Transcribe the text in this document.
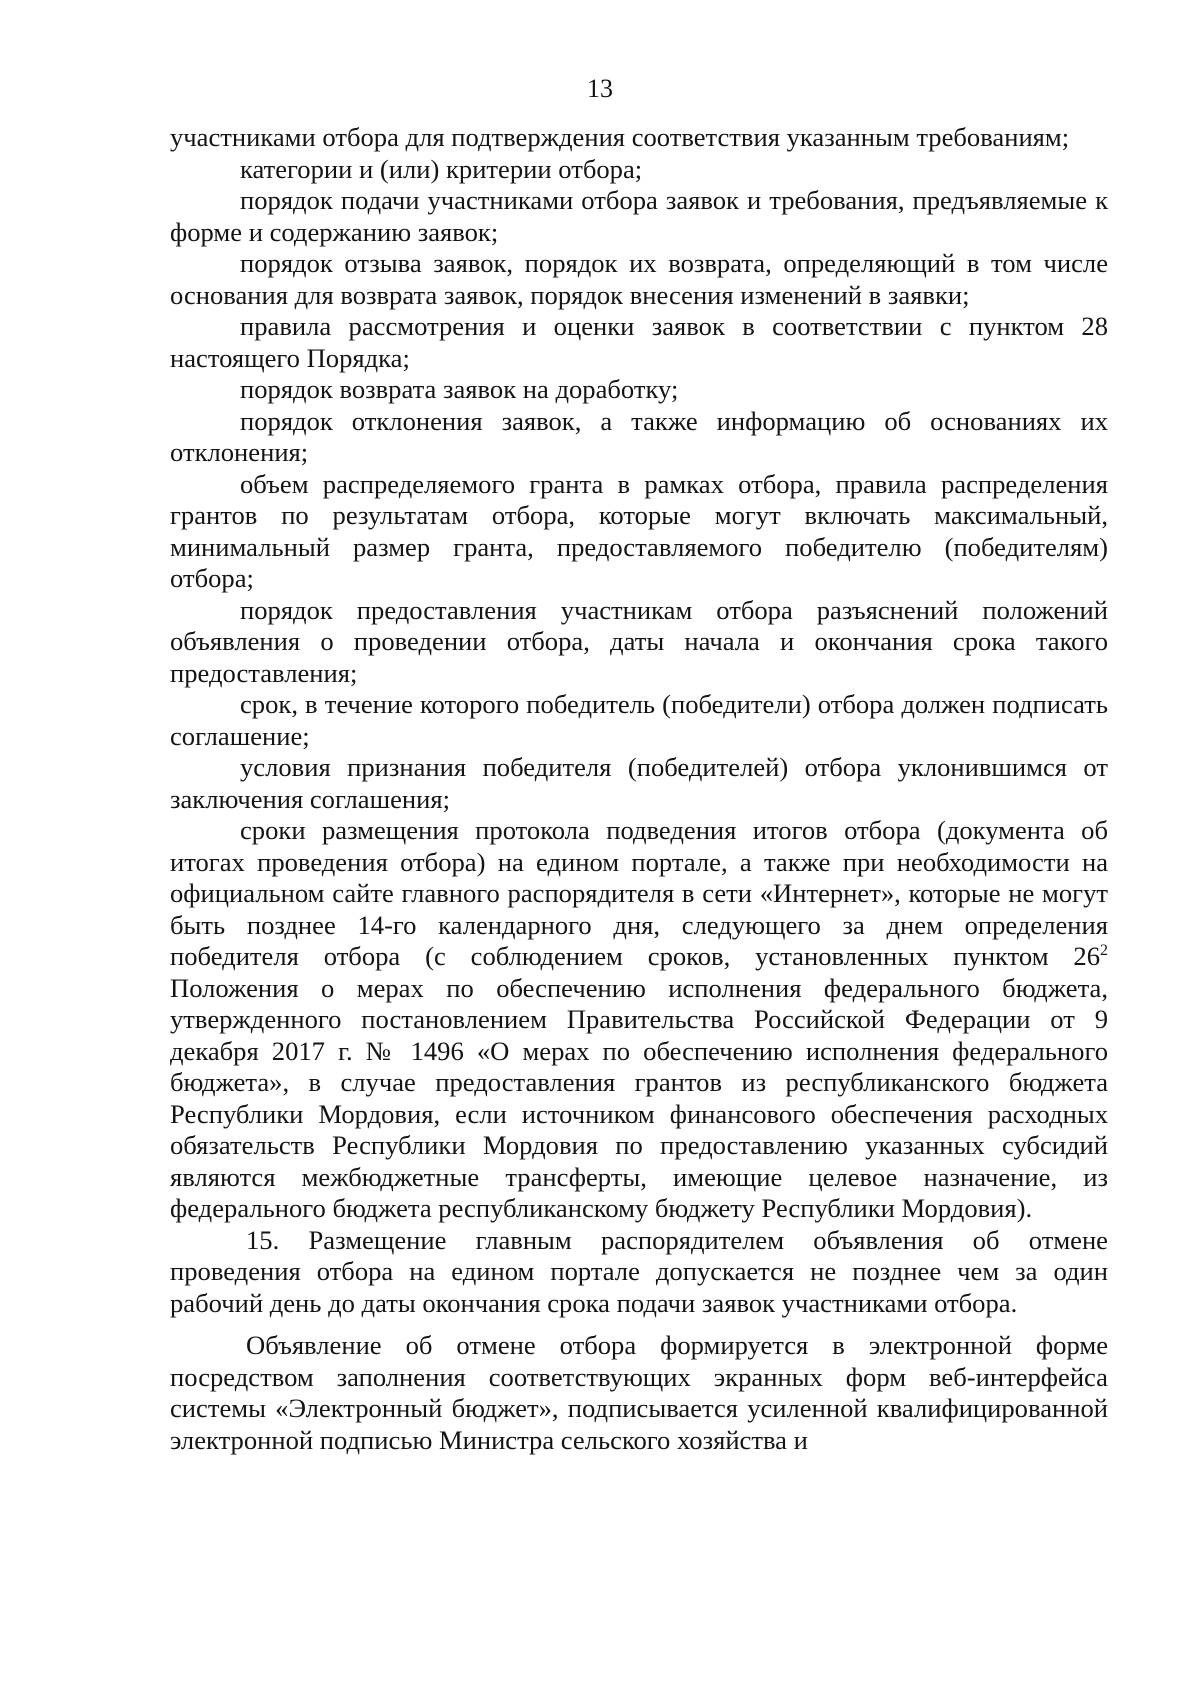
13

участниками отбора для подтверждения соответствия указанным требованиям;

категории и (или) критерии отбора;

порядок подачи участниками отбора заявок и требования, предъявляемые к форме и содержанию заявок;

порядок отзыва заявок, порядок их возврата, определяющий в том числе основания для возврата заявок, порядок внесения изменений в заявки;

правила рассмотрения и оценки заявок в соответствии с пунктом 28 настоящего Порядка;

порядок возврата заявок на доработку;

порядок отклонения заявок, а также информацию об основаниях их отклонения;

объем распределяемого гранта в рамках отбора, правила распределения грантов по результатам отбора, которые могут включать максимальный, минимальный размер гранта, предоставляемого победителю (победителям) отбора;

порядок предоставления участникам отбора разъяснений положений объявления о проведении отбора, даты начала и окончания срока такого предоставления;

срок, в течение которого победитель (победители) отбора должен подписать соглашение;

условия признания победителя (победителей) отбора уклонившимся от заключения соглашения;

сроки размещения протокола подведения итогов отбора (документа об итогах проведения отбора) на едином портале, а также при необходимости на официальном сайте главного распорядителя в сети «Интернет», которые не могут быть позднее 14-го календарного дня, следующего за днем определения победителя отбора (с соблюдением сроков, установленных пунктом $26^2$ Положения о мерах по обеспечению исполнения федерального бюджета, утвержденного постановлением Правительства Российской Федерации от 9 декабря 2017 г. № 1496 «О мерах по обеспечению исполнения федерального бюджета», в случае предоставления грантов из республиканского бюджета Республики Мордовия, если источником финансового обеспечения расходных обязательств Республики Мордовия по предоставлению указанных субсидий являются межбюджетные трансферты, имеющие целевое назначение, из федерального бюджета республиканскому бюджету Республики Мордовия).

15. Размещение главным распорядителем объявления об отмене проведения отбора на едином портале допускается не позднее чем за один рабочий день до даты окончания срока подачи заявок участниками отбора.

Объявление об отмене отбора формируется в электронной форме посредством заполнения соответствующих экранных форм веб-интерфейса системы «Электронный бюджет», подписывается усиленной квалифицированной электронной подписью Министра сельского хозяйства и
